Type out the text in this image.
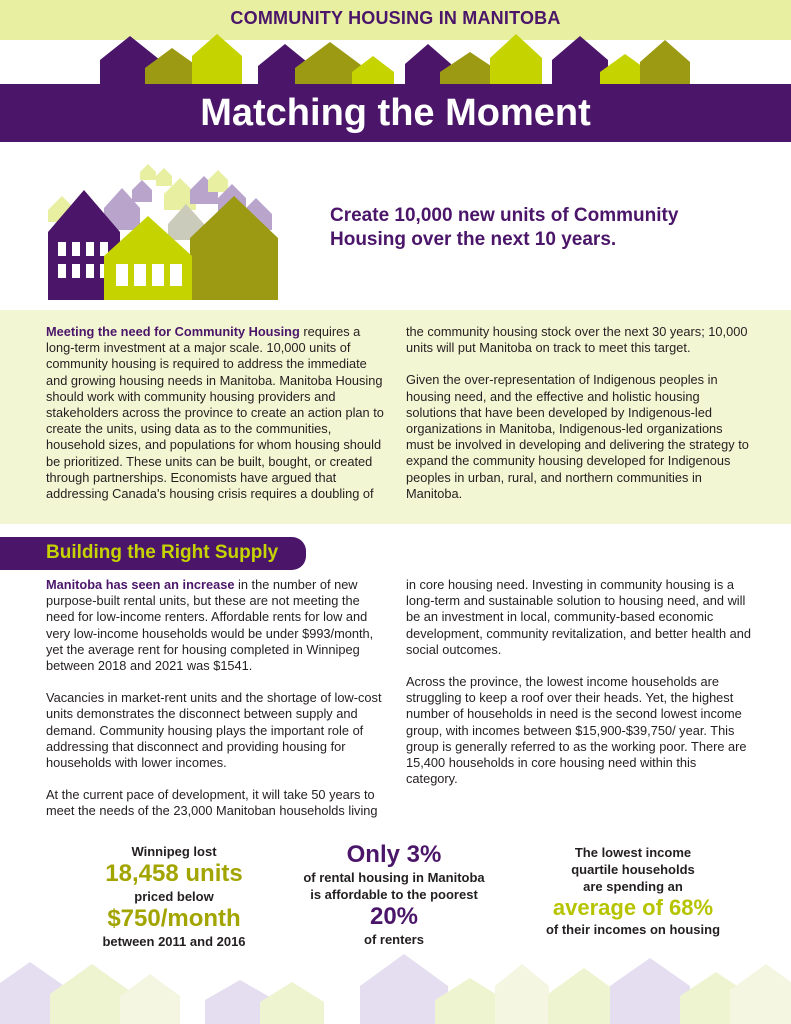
COMMUNITY HOUSING IN MANITOBA
Matching the Moment
Create 10,000 new units of Community Housing over the next 10 years.
Meeting the need for Community Housing requires a long-term investment at a major scale. 10,000 units of community housing is required to address the immediate and growing housing needs in Manitoba. Manitoba Housing should work with community housing providers and stakeholders across the province to create an action plan to create the units, using data as to the communities, household sizes, and populations for whom housing should be prioritized. These units can be built, bought, or created through partnerships. Economists have argued that addressing Canada's housing crisis requires a doubling of
the community housing stock over the next 30 years; 10,000 units will put Manitoba on track to meet this target.
Given the over-representation of Indigenous peoples in housing need, and the effective and holistic housing solutions that have been developed by Indigenous-led organizations in Manitoba, Indigenous-led organizations must be involved in developing and delivering the strategy to expand the community housing developed for Indigenous peoples in urban, rural, and northern communities in Manitoba.
Building the Right Supply
Manitoba has seen an increase in the number of new purpose-built rental units, but these are not meeting the need for low-income renters. Affordable rents for low and very low-income households would be under $993/month, yet the average rent for housing completed in Winnipeg between 2018 and 2021 was $1541.
Vacancies in market-rent units and the shortage of low-cost units demonstrates the disconnect between supply and demand. Community housing plays the important role of addressing that disconnect and providing housing for households with lower incomes.
At the current pace of development, it will take 50 years to meet the needs of the 23,000 Manitoban households living
in core housing need. Investing in community housing is a long-term and sustainable solution to housing need, and will be an investment in local, community-based economic development, community revitalization, and better health and social outcomes.
Across the province, the lowest income households are struggling to keep a roof over their heads. Yet, the highest number of households in need is the second lowest income group, with incomes between $15,900-$39,750/ year. This group is generally referred to as the working poor. There are 15,400 households in core housing need within this category.
Winnipeg lost
18,458 units
priced below
$750/month
between 2011 and 2016
Only 3%
of rental housing in Manitoba
is affordable to the poorest
20%
of renters
The lowest income
quartile households
are spending an
average of 68%
of their incomes on housing
